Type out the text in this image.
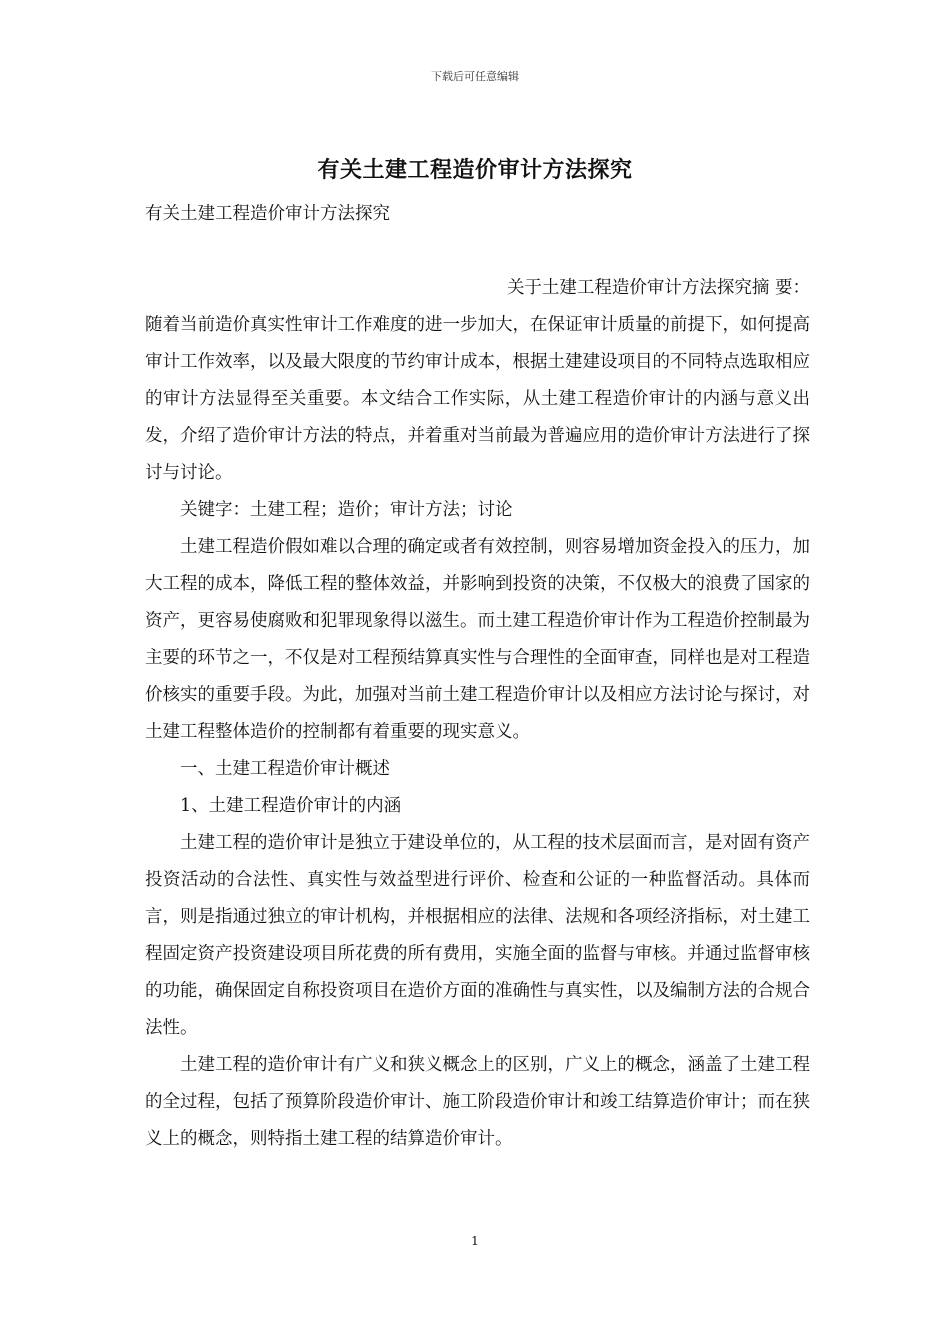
下载后可任意编辑
有关土建工程造价审计方法探究

有关土建工程造价审计方法探究

关于土建工程造价审计方法探究摘 要：

随着当前造价真实性审计工作难度的进一步加大，在保证审计质量的前提下，如何提高审计工作效率，以及最大限度的节约审计成本，根据土建建设项目的不同特点选取相应的审计方法显得至关重要。本文结合工作实际，从土建工程造价审计的内涵与意义出发，介绍了造价审计方法的特点，并着重对当前最为普遍应用的造价审计方法进行了探讨与讨论。

关键字：土建工程；造价；审计方法；讨论

土建工程造价假如难以合理的确定或者有效控制，则容易增加资金投入的压力，加大工程的成本，降低工程的整体效益，并影响到投资的决策，不仅极大的浪费了国家的资产，更容易使腐败和犯罪现象得以滋生。而土建工程造价审计作为工程造价控制最为主要的环节之一，不仅是对工程预结算真实性与合理性的全面审查，同样也是对工程造价核实的重要手段。为此，加强对当前土建工程造价审计以及相应方法讨论与探讨，对土建工程整体造价的控制都有着重要的现实意义。

一、土建工程造价审计概述

1、土建工程造价审计的内涵

土建工程的造价审计是独立于建设单位的，从工程的技术层面而言，是对固有资产投资活动的合法性、真实性与效益型进行评价、检查和公证的一种监督活动。具体而言，则是指通过独立的审计机构，并根据相应的法律、法规和各项经济指标，对土建工程固定资产投资建设项目所花费的所有费用，实施全面的监督与审核。并通过监督审核的功能，确保固定自称投资项目在造价方面的准确性与真实性，以及编制方法的合规合法性。

土建工程的造价审计有广义和狭义概念上的区别，广义上的概念，涵盖了土建工程的全过程，包括了预算阶段造价审计、施工阶段造价审计和竣工结算造价审计；而在狭义上的概念，则特指土建工程的结算造价审计。

1
